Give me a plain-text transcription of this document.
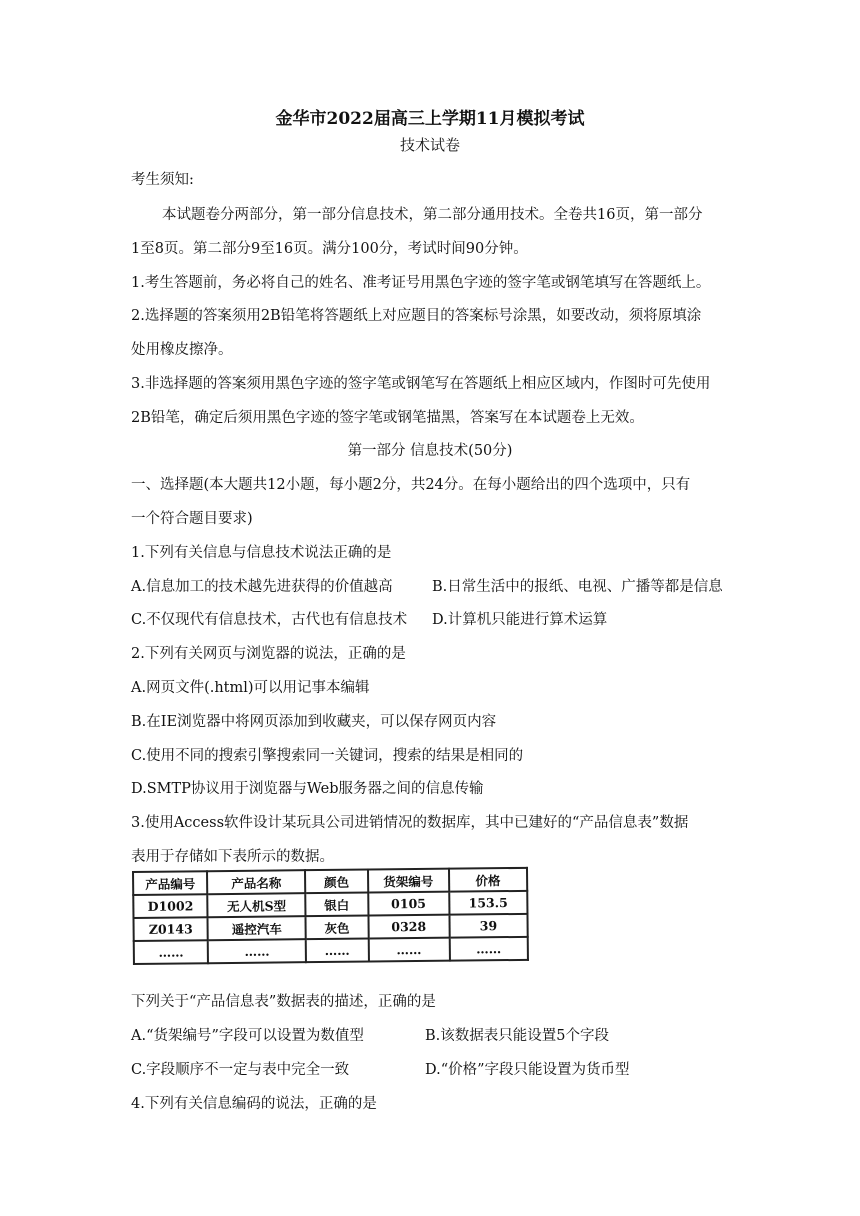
金华市2022届高三上学期11月模拟考试
技术试卷
考生须知:
本试题卷分两部分，第一部分信息技术，第二部分通用技术。全卷共16页，第一部分
1至8页。第二部分9至16页。满分100分，考试时间90分钟。
1.考生答题前，务必将自己的姓名、准考证号用黑色字迹的签字笔或钢笔填写在答题纸上。
2.选择题的答案须用2B铅笔将答题纸上对应题目的答案标号涂黑，如要改动，须将原填涂
处用橡皮擦净。
3.非选择题的答案须用黑色字迹的签字笔或钢笔写在答题纸上相应区域内，作图时可先使用
2B铅笔，确定后须用黑色字迹的签字笔或钢笔描黑，答案写在本试题卷上无效。
第一部分 信息技术(50分)
一、选择题(本大题共12小题，每小题2分，共24分。在每小题给出的四个选项中，只有
一个符合题目要求)
1.下列有关信息与信息技术说法正确的是
A.信息加工的技术越先进获得的价值越高	B.日常生活中的报纸、电视、广播等都是信息
C.不仅现代有信息技术，古代也有信息技术 D.计算机只能进行算术运算
2.下列有关网页与浏览器的说法，正确的是
A.网页文件(.html)可以用记事本编辑
B.在IE浏览器中将网页添加到收藏夹，可以保存网页内容
C.使用不同的搜索引擎搜索同一关键词，搜索的结果是相同的
D.SMTP协议用于浏览器与Web服务器之间的信息传输
3.使用Access软件设计某玩具公司进销情况的数据库，其中已建好的“产品信息表”数据
表用于存储如下表所示的数据。
产品编号	产品名称	颜色	货架编号	价格
D1002	无人机S型	银白	0105	153.5
Z0143	遥控汽车	灰色	0328	39
……	……	……	……	……
下列关于“产品信息表”数据表的描述，正确的是
A.“货架编号”字段可以设置为数值型	B.该数据表只能设置5个字段
C.字段顺序不一定与表中完全一致	D.“价格”字段只能设置为货币型
4.下列有关信息编码的说法，正确的是
